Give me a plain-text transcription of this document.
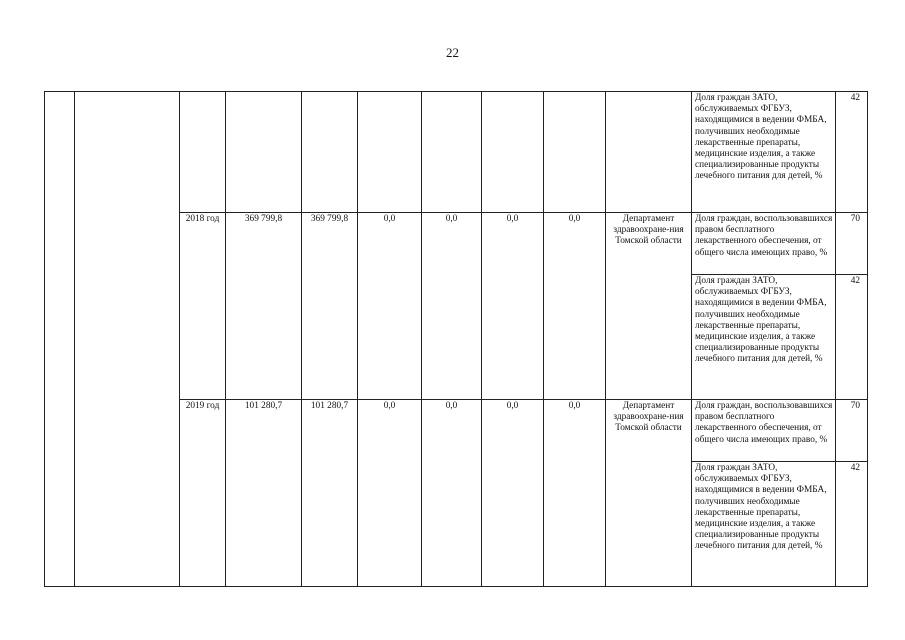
22
										Доля граждан ЗАТО, обслуживаемых ФГБУЗ, находящимися в ведении ФМБА, получивших необходимые лекарственные препараты, медицинские изделия, а также специализированные продукты лечебного питания для детей, %	42
		2018 год	369 799,8	369 799,8	0,0	0,0	0,0	0,0	Департамент здравоохране-ния Томской области	Доля граждан, воспользовавшихся правом бесплатного лекарственного обеспечения, от общего числа имеющих право, %	70
										Доля граждан ЗАТО, обслуживаемых ФГБУЗ, находящимися в ведении ФМБА, получивших необходимые лекарственные препараты, медицинские изделия, а также специализированные продукты лечебного питания для детей, %	42
		2019 год	101 280,7	101 280,7	0,0	0,0	0,0	0,0	Департамент здравоохране-ния Томской области	Доля граждан, воспользовавшихся правом бесплатного лекарственного обеспечения, от общего числа имеющих право, %	70
										Доля граждан ЗАТО, обслуживаемых ФГБУЗ, находящимися в ведении ФМБА, получивших необходимые лекарственные препараты, медицинские изделия, а также специализированные продукты лечебного питания для детей, %	42
